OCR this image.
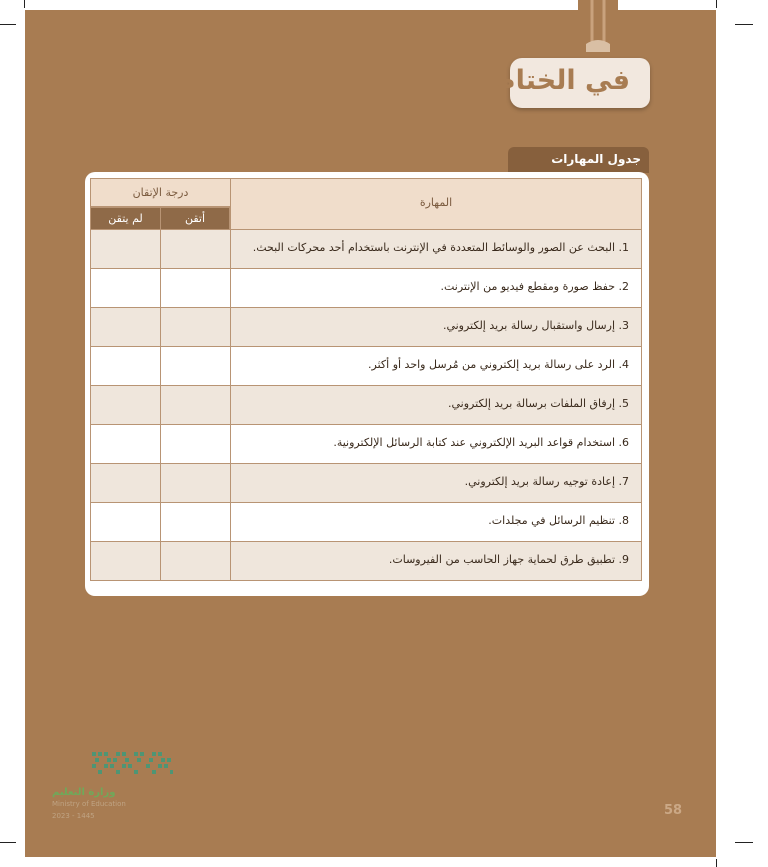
في الختام
جدول المهارات
المهارة
درجة الإتقان
أتقن
لم يتقن
1. البحث عن الصور والوسائط المتعددة في الإنترنت باستخدام أحد محركات البحث.
2. حفظ صورة ومقطع فيديو من الإنترنت.
3. إرسال واستقبال رسالة بريد إلكتروني.
4. الرد على رسالة بريد إلكتروني من مُرسل واحد أو أكثر.
5. إرفاق الملفات برسالة بريد إلكتروني.
6. استخدام قواعد البريد الإلكتروني عند كتابة الرسائل الإلكترونية.
7. إعادة توجيه رسالة بريد إلكتروني.
8. تنظيم الرسائل في مجلدات.
9. تطبيق طرق لحماية جهاز الحاسب من الفيروسات.
وزارة التعليم
Ministry of Education
2023 - 1445	58
